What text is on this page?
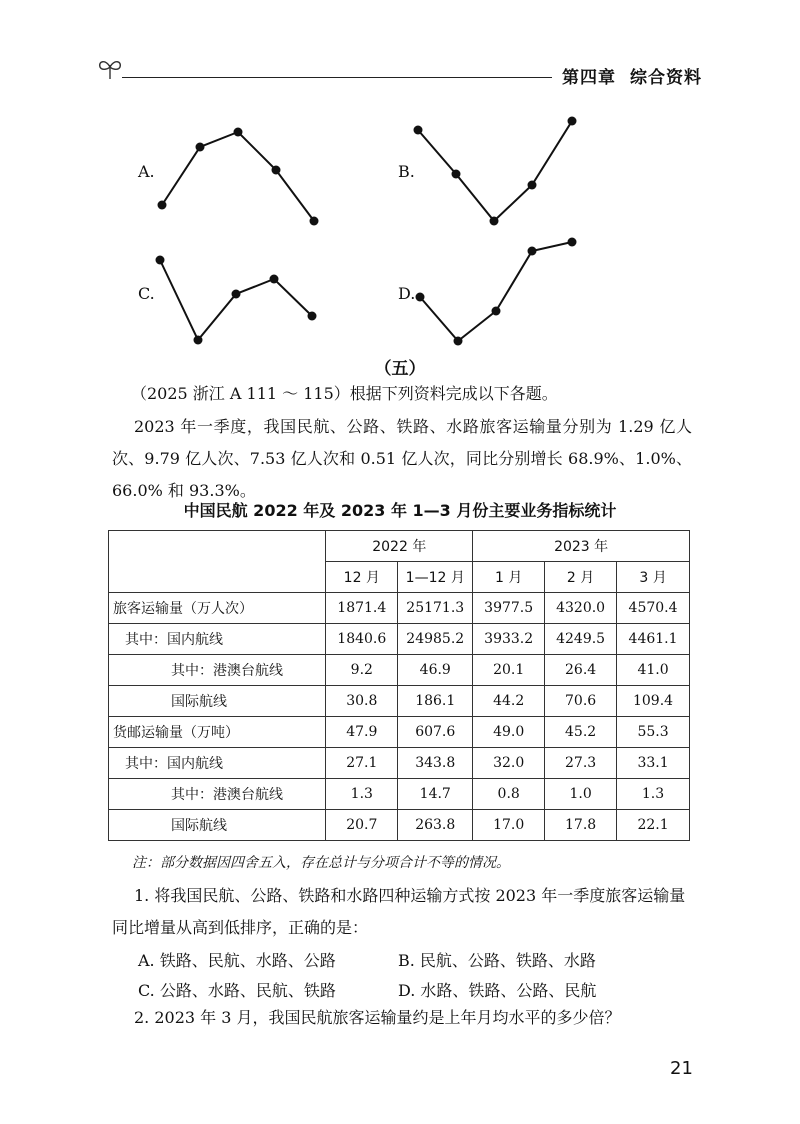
第四章 综合资料
A.	B.
C.	D.
（五）
（2025 浙江 A 111 ～ 115）根据下列资料完成以下各题。
2023 年一季度，我国民航、公路、铁路、水路旅客运输量分别为 1.29 亿人次、9.79 亿人次、7.53 亿人次和 0.51 亿人次，同比分别增长 68.9%、1.0%、66.0% 和 93.3%。
中国民航 2022 年及 2023 年 1—3 月份主要业务指标统计
	2022 年		2023 年		
	12 月	1—12 月	1 月	2 月	3 月
旅客运输量（万人次）	1871.4	25171.3	3977.5	4320.0	4570.4
其中：国内航线	1840.6	24985.2	3933.2	4249.5	4461.1
其中：港澳台航线	9.2	46.9	20.1	26.4	41.0
国际航线	30.8	186.1	44.2	70.6	109.4
货邮运输量（万吨）	47.9	607.6	49.0	45.2	55.3
其中：国内航线	27.1	343.8	32.0	27.3	33.1
其中：港澳台航线	1.3	14.7	0.8	1.0	1.3
国际航线	20.7	263.8	17.0	17.8	22.1
注：部分数据因四舍五入，存在总计与分项合计不等的情况。
1. 将我国民航、公路、铁路和水路四种运输方式按 2023 年一季度旅客运输量同比增量从高到低排序，正确的是：
A. 铁路、民航、水路、公路	B. 民航、公路、铁路、水路
C. 公路、水路、民航、铁路	D. 水路、铁路、公路、民航
2. 2023 年 3 月，我国民航旅客运输量约是上年月均水平的多少倍？
21
